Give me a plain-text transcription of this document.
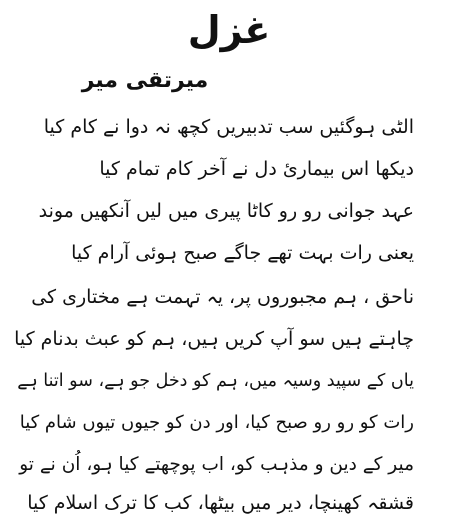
غزل
میرتقی میر
الٹی ہوگئیں سب تدبیریں کچھ نہ دوا نے کام کیا
دیکھا اس بیماریٔ دل نے آخر کام تمام کیا
عہد جوانی رو رو کاٹا پیری میں لیں آنکھیں موند
یعنی رات بہت تھے جاگے صبح ہوئی آرام کیا
ناحق ، ہم مجبوروں پر، یہ تہمت ہے مختاری کی
چاہتے ہیں سو آپ کریں ہیں، ہم کو عبث بدنام کیا
یاں کے سپید وسیہ میں، ہم کو دخل جو ہے، سو اتنا ہے
رات کو رو رو صبح کیا، اور دن کو جیوں تیوں شام کیا
میر کے دین و مذہب کو، اب پوچھتے کیا ہو، اُن نے تو
قشقہ کھینچا، دیر میں بیٹھا، کب کا ترک اسلام کیا
